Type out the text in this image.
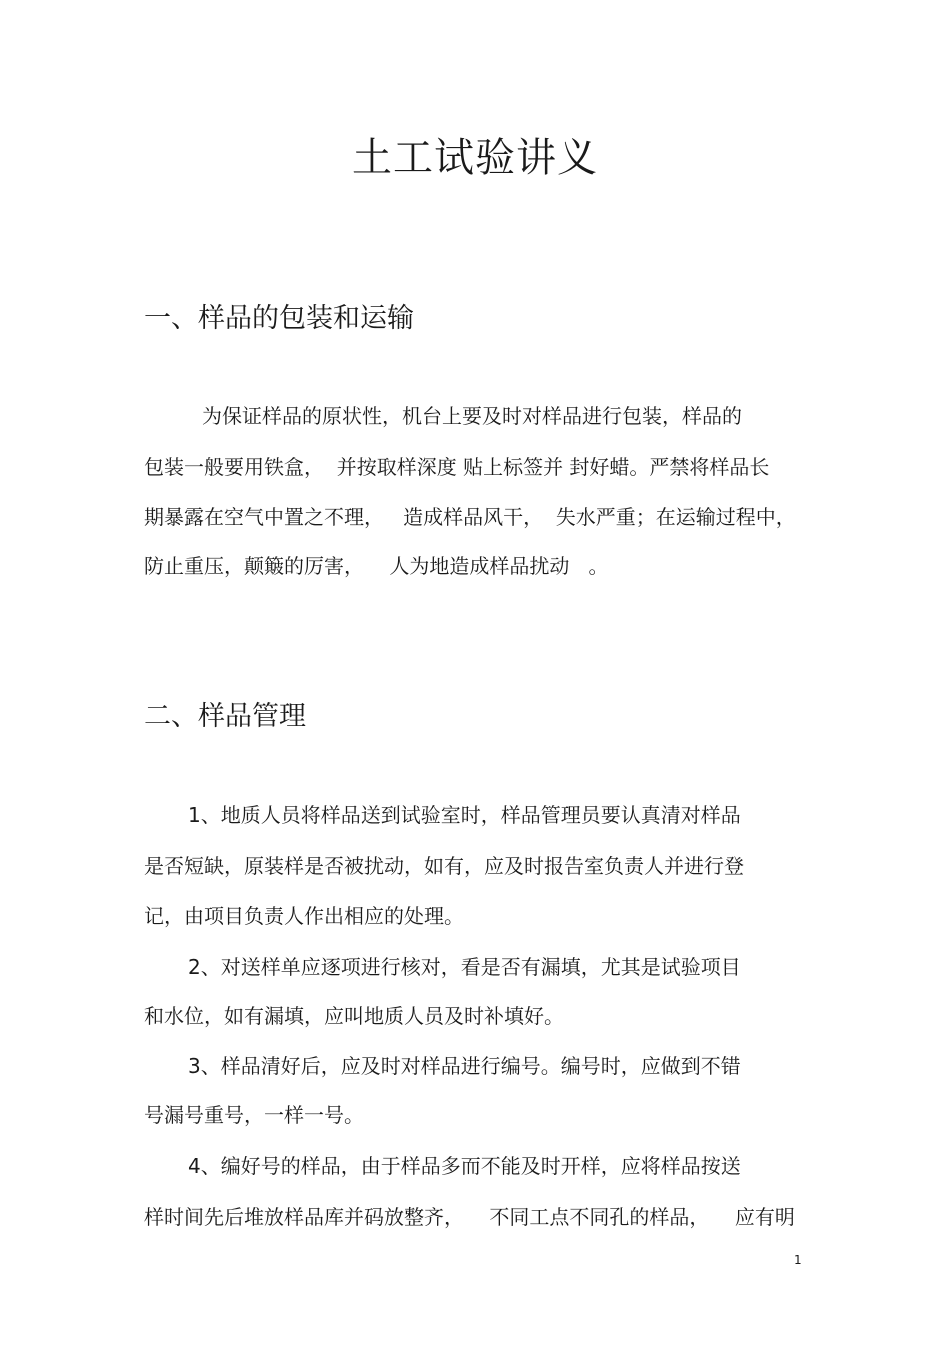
土工试验讲义
一、样品的包装和运输

为保证样品的原状性，机台上要及时对样品进行包装，样品的

包装一般要用铁盒，  并按取样深度 贴上标签并 封好蜡。严禁将样品长

期暴露在空气中置之不理，   造成样品风干，  失水严重；在运输过程中，

防止重压，颠簸的厉害，    人为地造成样品扰动   。

二、样品管理

1、地质人员将样品送到试验室时，样品管理员要认真清对样品

是否短缺，原装样是否被扰动，如有，应及时报告室负责人并进行登

记，由项目负责人作出相应的处理。

2、对送样单应逐项进行核对，看是否有漏填，尤其是试验项目

和水位，如有漏填，应叫地质人员及时补填好。

3、样品清好后，应及时对样品进行编号。编号时，应做到不错

号漏号重号，一样一号。

4、编好号的样品，由于样品多而不能及时开样，应将样品按送

样时间先后堆放样品库并码放整齐，    不同工点不同孔的样品，    应有明

1
